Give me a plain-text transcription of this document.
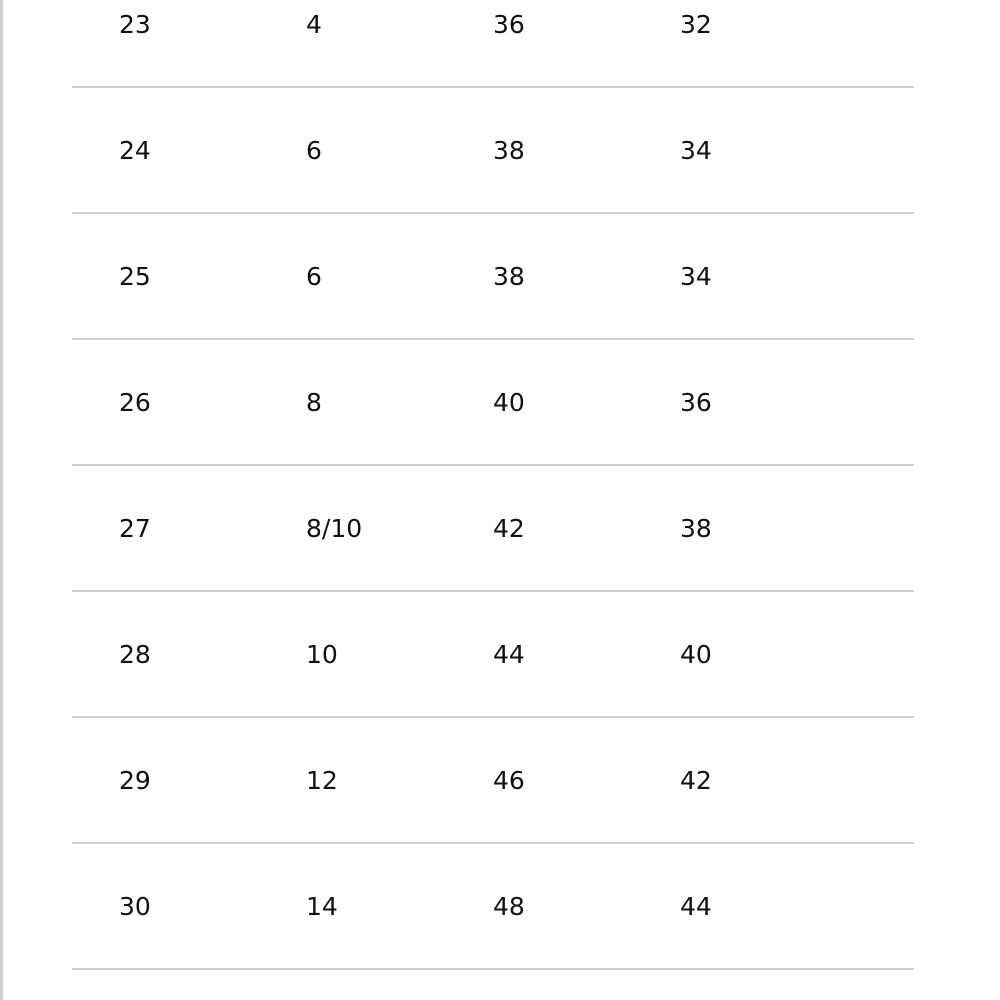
23	4	36	32
24	6	38	34
25	6	38	34
26	8	40	36
27	8/10	42	38
28	10	44	40
29	12	46	42
30	14	48	44
